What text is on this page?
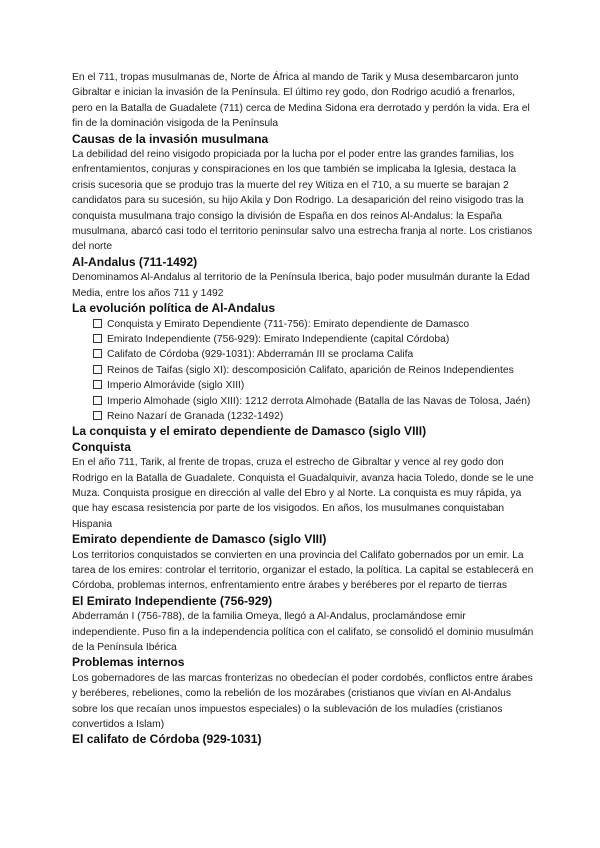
En el 711, tropas musulmanas de, Norte de África al mando de Tarik y Musa desembarcaron junto Gibraltar e inician la invasión de la Península. El último rey godo, don Rodrigo acudió a frenarlos, pero en la Batalla de Guadalete (711) cerca de Medina Sidona era derrotado y perdón la vida. Era el fin de la dominación visigoda de la Península

Causas de la invasión musulmana

La debilidad del reino visigodo propiciada por la lucha por el poder entre las grandes familias, los enfrentamientos, conjuras y conspiraciones en los que también se implicaba la Iglesia, destaca la crisis sucesoria que se produjo tras la muerte del rey Witiza en el 710, a su muerte se barajan 2 candidatos para su sucesión, su hijo Akila y Don Rodrigo. La desaparición del reino visigodo tras la conquista musulmana trajo consigo la división de España en dos reinos Al-Andalus: la España musulmana, abarcó casi todo el territorio peninsular salvo una estrecha franja al norte. Los cristianos del norte

Al-Andalus (711-1492)

Denominamos Al-Andalus al territorio de la Península Iberica, bajo poder musulmán durante la Edad Media, entre los años 711 y 1492

La evolución política de Al-Andalus
Conquista y Emirato Dependiente (711-756): Emirato dependiente de Damasco
Emirato Independiente (756-929): Emirato Independiente (capital Córdoba)
Califato de Córdoba (929-1031): Abderramán III se proclama Califa
Reinos de Taifas (siglo XI): descomposición Califato, aparición de Reinos Independientes
Imperio Almorávide (siglo XIII)
Imperio Almohade (siglo XIII): 1212 derrota Almohade (Batalla de las Navas de Tolosa, Jaén)
Reino Nazarí de Granada (1232-1492)
La conquista y el emirato dependiente de Damasco (siglo VIII)
Conquista

En el año 711, Tarik, al frente de tropas, cruza el estrecho de Gibraltar y vence al rey godo don Rodrigo en la Batalla de Guadalete. Conquista el Guadalquivir, avanza hacia Toledo, donde se le une Muza. Conquista prosigue en dirección al valle del Ebro y al Norte. La conquista es muy rápida, ya que hay escasa resistencia por parte de los visigodos. En años, los musulmanes conquistaban Hispania

Emirato dependiente de Damasco (siglo VIII)

Los territorios conquistados se convierten en una provincia del Califato gobernados por un emir. La tarea de los emires: controlar el territorio, organizar el estado, la política. La capital se establecerá en Córdoba, problemas internos, enfrentamiento entre árabes y beréberes por el reparto de tierras

El Emirato Independiente (756-929)

Abderramán I (756-788), de la familia Omeya, llegó a Al-Andalus, proclamándose emir independiente. Puso fin a la independencia política con el califato, se consolidó el dominio musulmán de la Península Ibérica

Problemas internos

Los gobernadores de las marcas fronterizas no obedecían el poder cordobés, conflictos entre árabes y beréberes, rebeliones, como la rebelión de los mozárabes (cristianos que vivían en Al-Andalus sobre los que recaían unos impuestos especiales) o la sublevación de los muladíes (cristianos convertidos a Islam)

El califato de Córdoba (929-1031)
